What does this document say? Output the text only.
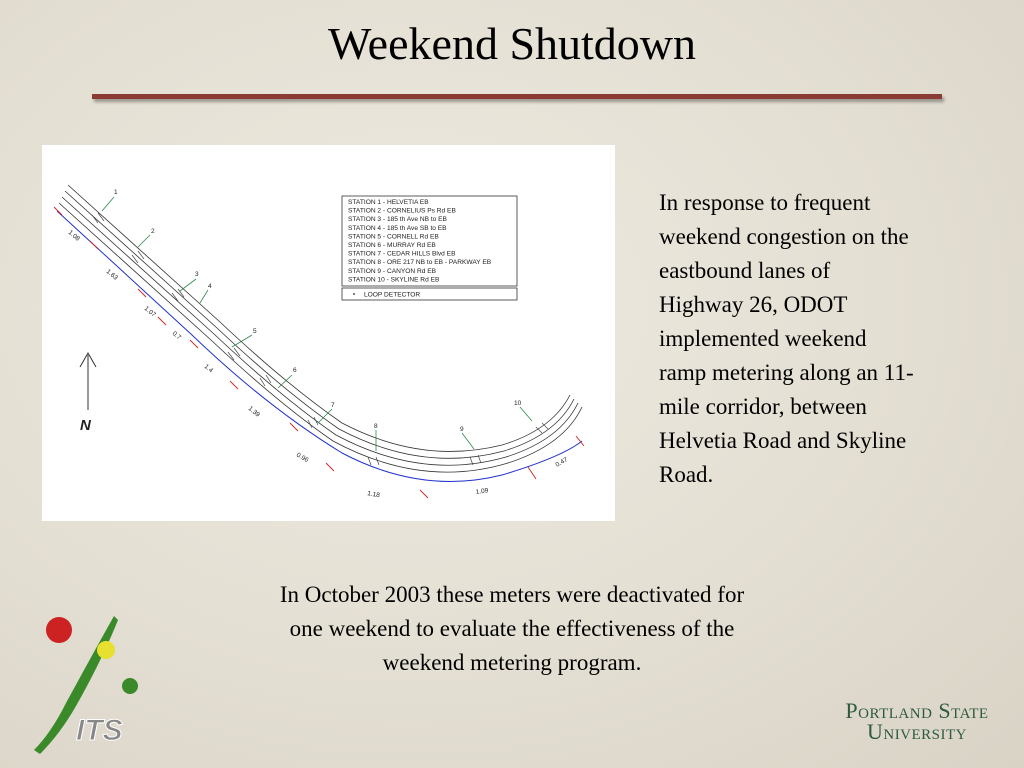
Weekend Shutdown
1
2
3
4
5
6
7
8	9
10
1.08
1.63
1.07
0.7
1.4
1.39
0.96
1.18	1.09
0.47
N
STATION 1 - HELVETIA EB
STATION 2 - CORNELIUS Ps Rd EB
STATION 3 - 185 th Ave NB to EB
STATION 4 - 185 th Ave SB to EB
STATION 5 - CORNELL Rd EB
STATION 6 - MURRAY Rd EB
STATION 7 - CEDAR HILLS Blvd EB
STATION 8 - ORE 217 NB to EB - PARKWAY EB
STATION 9 - CANYON Rd EB
STATION 10 - SKYLINE Rd EB
LOOP DETECTOR
In response to frequent
weekend congestion on the
eastbound lanes of
Highway 26, ODOT
implemented weekend
ramp metering along an 11-
mile corridor, between
Helvetia Road and Skyline
Road.
In October 2003 these meters were deactivated for
one weekend to evaluate the effectiveness of the
weekend metering program.
ITS
Portland State
University
